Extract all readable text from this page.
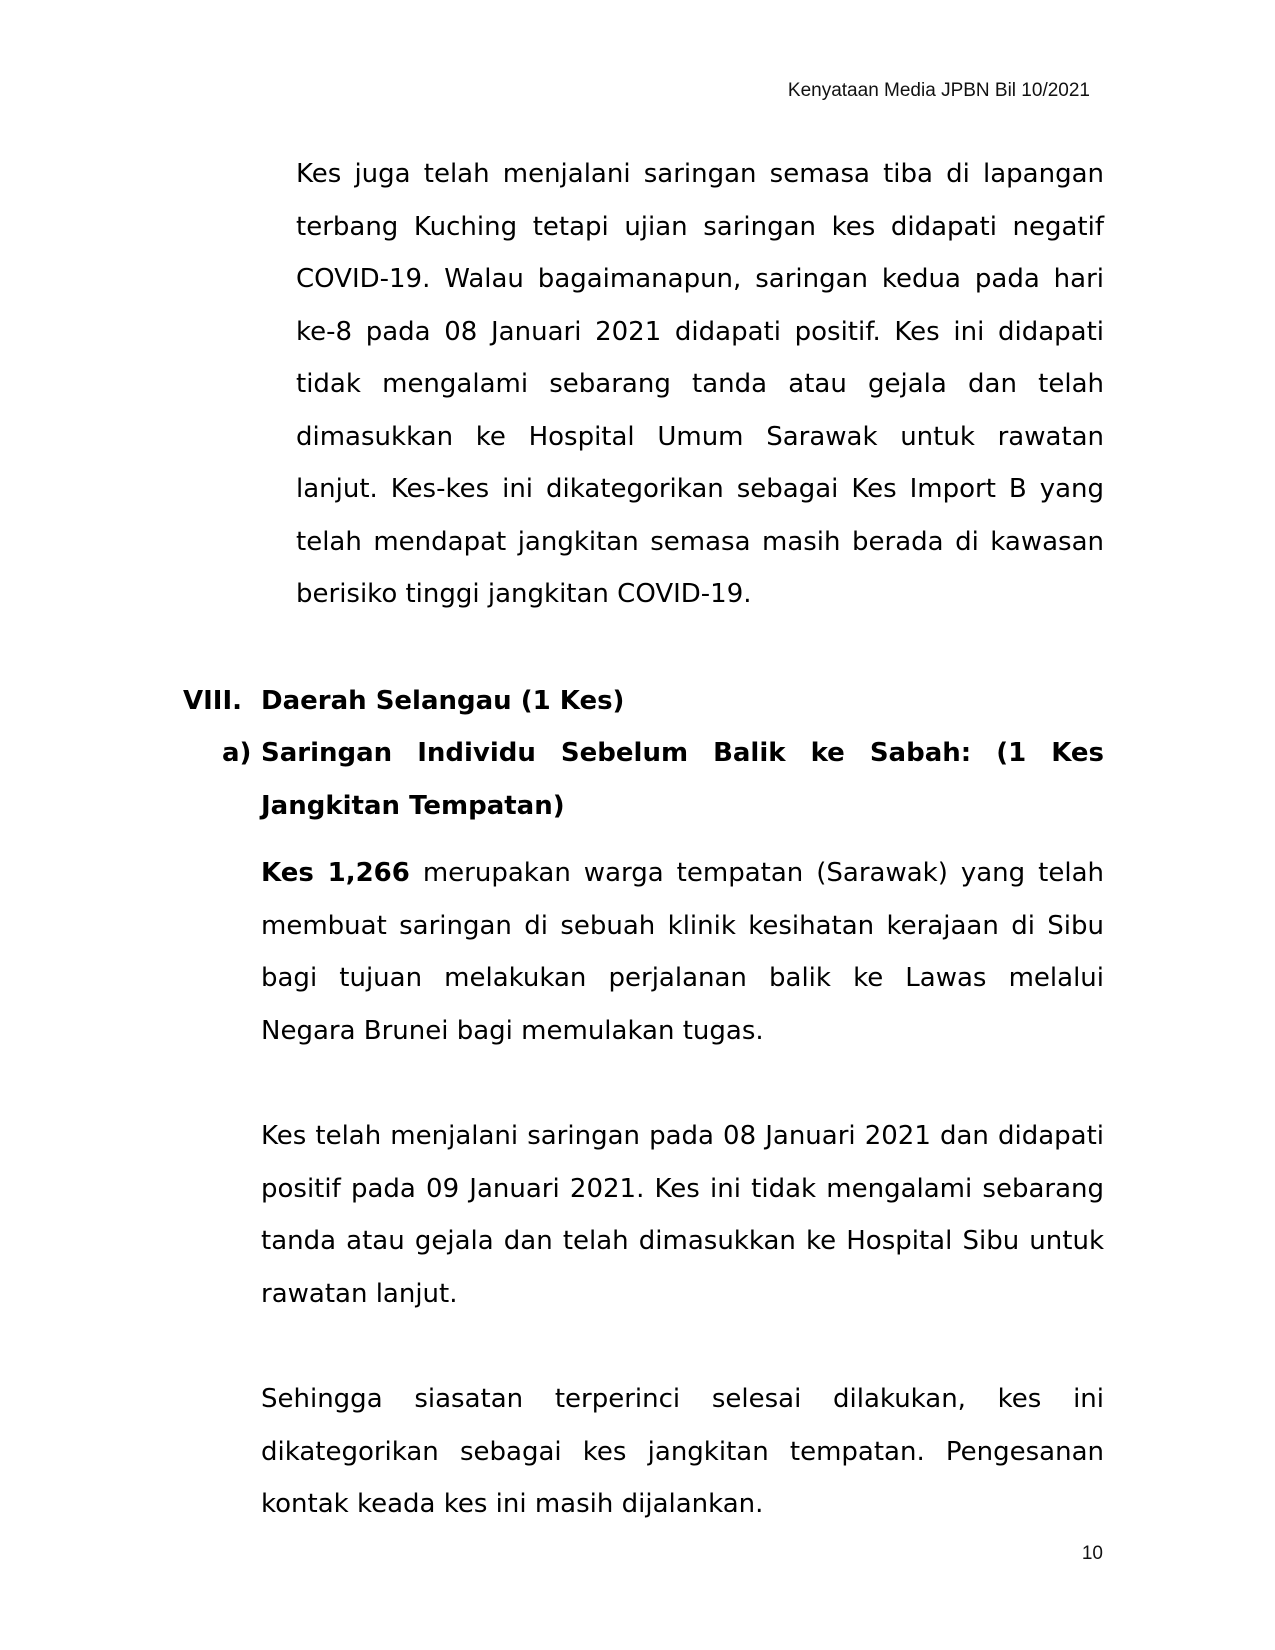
Kenyataan Media JPBN Bil 10/2021

Kes juga telah menjalani saringan semasa tiba di lapangan terbang Kuching tetapi ujian saringan kes didapati negatif COVID-19. Walau bagaimanapun, saringan kedua pada hari ke-8 pada 08 Januari 2021 didapati positif. Kes ini didapati tidak mengalami sebarang tanda atau gejala dan telah dimasukkan ke Hospital Umum Sarawak untuk rawatan lanjut. Kes-kes ini dikategorikan sebagai Kes Import B yang telah mendapat jangkitan semasa masih berada di kawasan berisiko tinggi jangkitan COVID-19.

VIII. Daerah Selangau (1 Kes)
a) Saringan Individu Sebelum Balik ke Sabah: (1 Kes Jangkitan Tempatan)

Kes 1,266 merupakan warga tempatan (Sarawak) yang telah membuat saringan di sebuah klinik kesihatan kerajaan di Sibu bagi tujuan melakukan perjalanan balik ke Lawas melalui Negara Brunei bagi memulakan tugas.

Kes telah menjalani saringan pada 08 Januari 2021 dan didapati positif pada 09 Januari 2021. Kes ini tidak mengalami sebarang tanda atau gejala dan telah dimasukkan ke Hospital Sibu untuk rawatan lanjut.

Sehingga siasatan terperinci selesai dilakukan, kes ini dikategorikan sebagai kes jangkitan tempatan. Pengesanan kontak keada kes ini masih dijalankan.

10
